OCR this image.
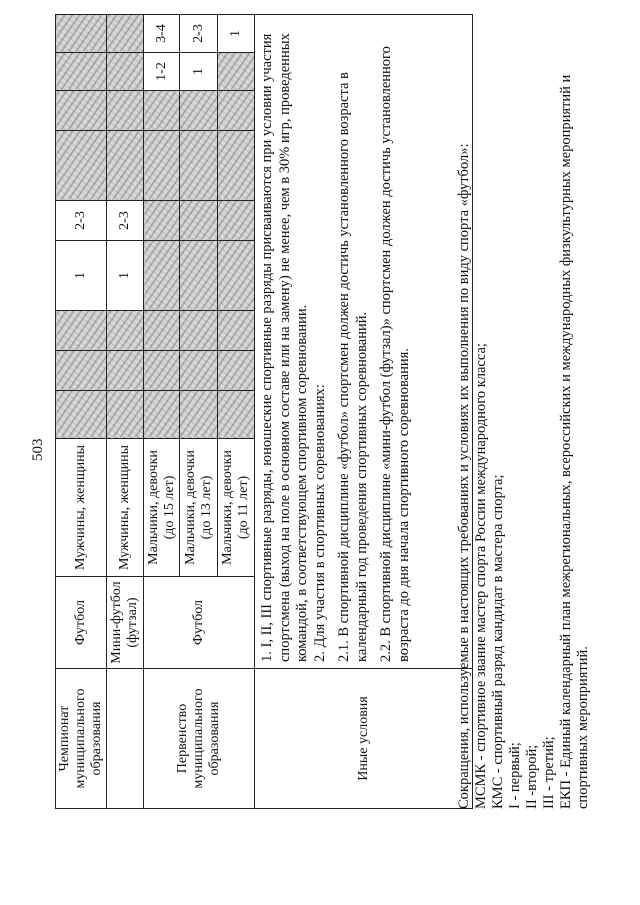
503
Чемпионат муниципального образования	Футбол	Мужчины, женщины				1	2-3				
	Мини-футбол (футзал)	Мужчины, женщины				1	2-3				
Первенство муниципального образования	Футбол	Мальчики, девочки (до 15 лет)								1-2	3-4
		Мальчики, девочки (до 13 лет)								1	2-3
		Мальчики, девочки (до 11 лет)									1
Иные условия	1. I, II, III спортивные разряды, юношеские спортивные разряды присваиваются при условии участия спортсмена (выход на поле в основном составе или на замену) не менее, чем в 30% игр, проведенных командой, в соответствующем спортивном соревновании. 2. Для участия в спортивных соревнованиях: 2.1. В спортивной дисциплине «футбол» спортсмен должен достичь установленного возраста в календарный год проведения спортивных соревнований. 2.2. В спортивной дисциплине «мини-футбол (футзал)» спортсмен должен достичь установленного возраста до дня начала спортивного соревнования.											Сокращения, используемые в настоящих требованиях и условиях их выполнения по виду спорта «футбол»: МСМК - спортивное звание мастер спорта России международного класса; КМС - спортивный разряд кандидат в мастера спорта; I - первый; II -второй; III - третий; ЕКП - Единый календарный план межрегиональных, всероссийских и международных физкультурных мероприятий и спортивных мероприятий.
